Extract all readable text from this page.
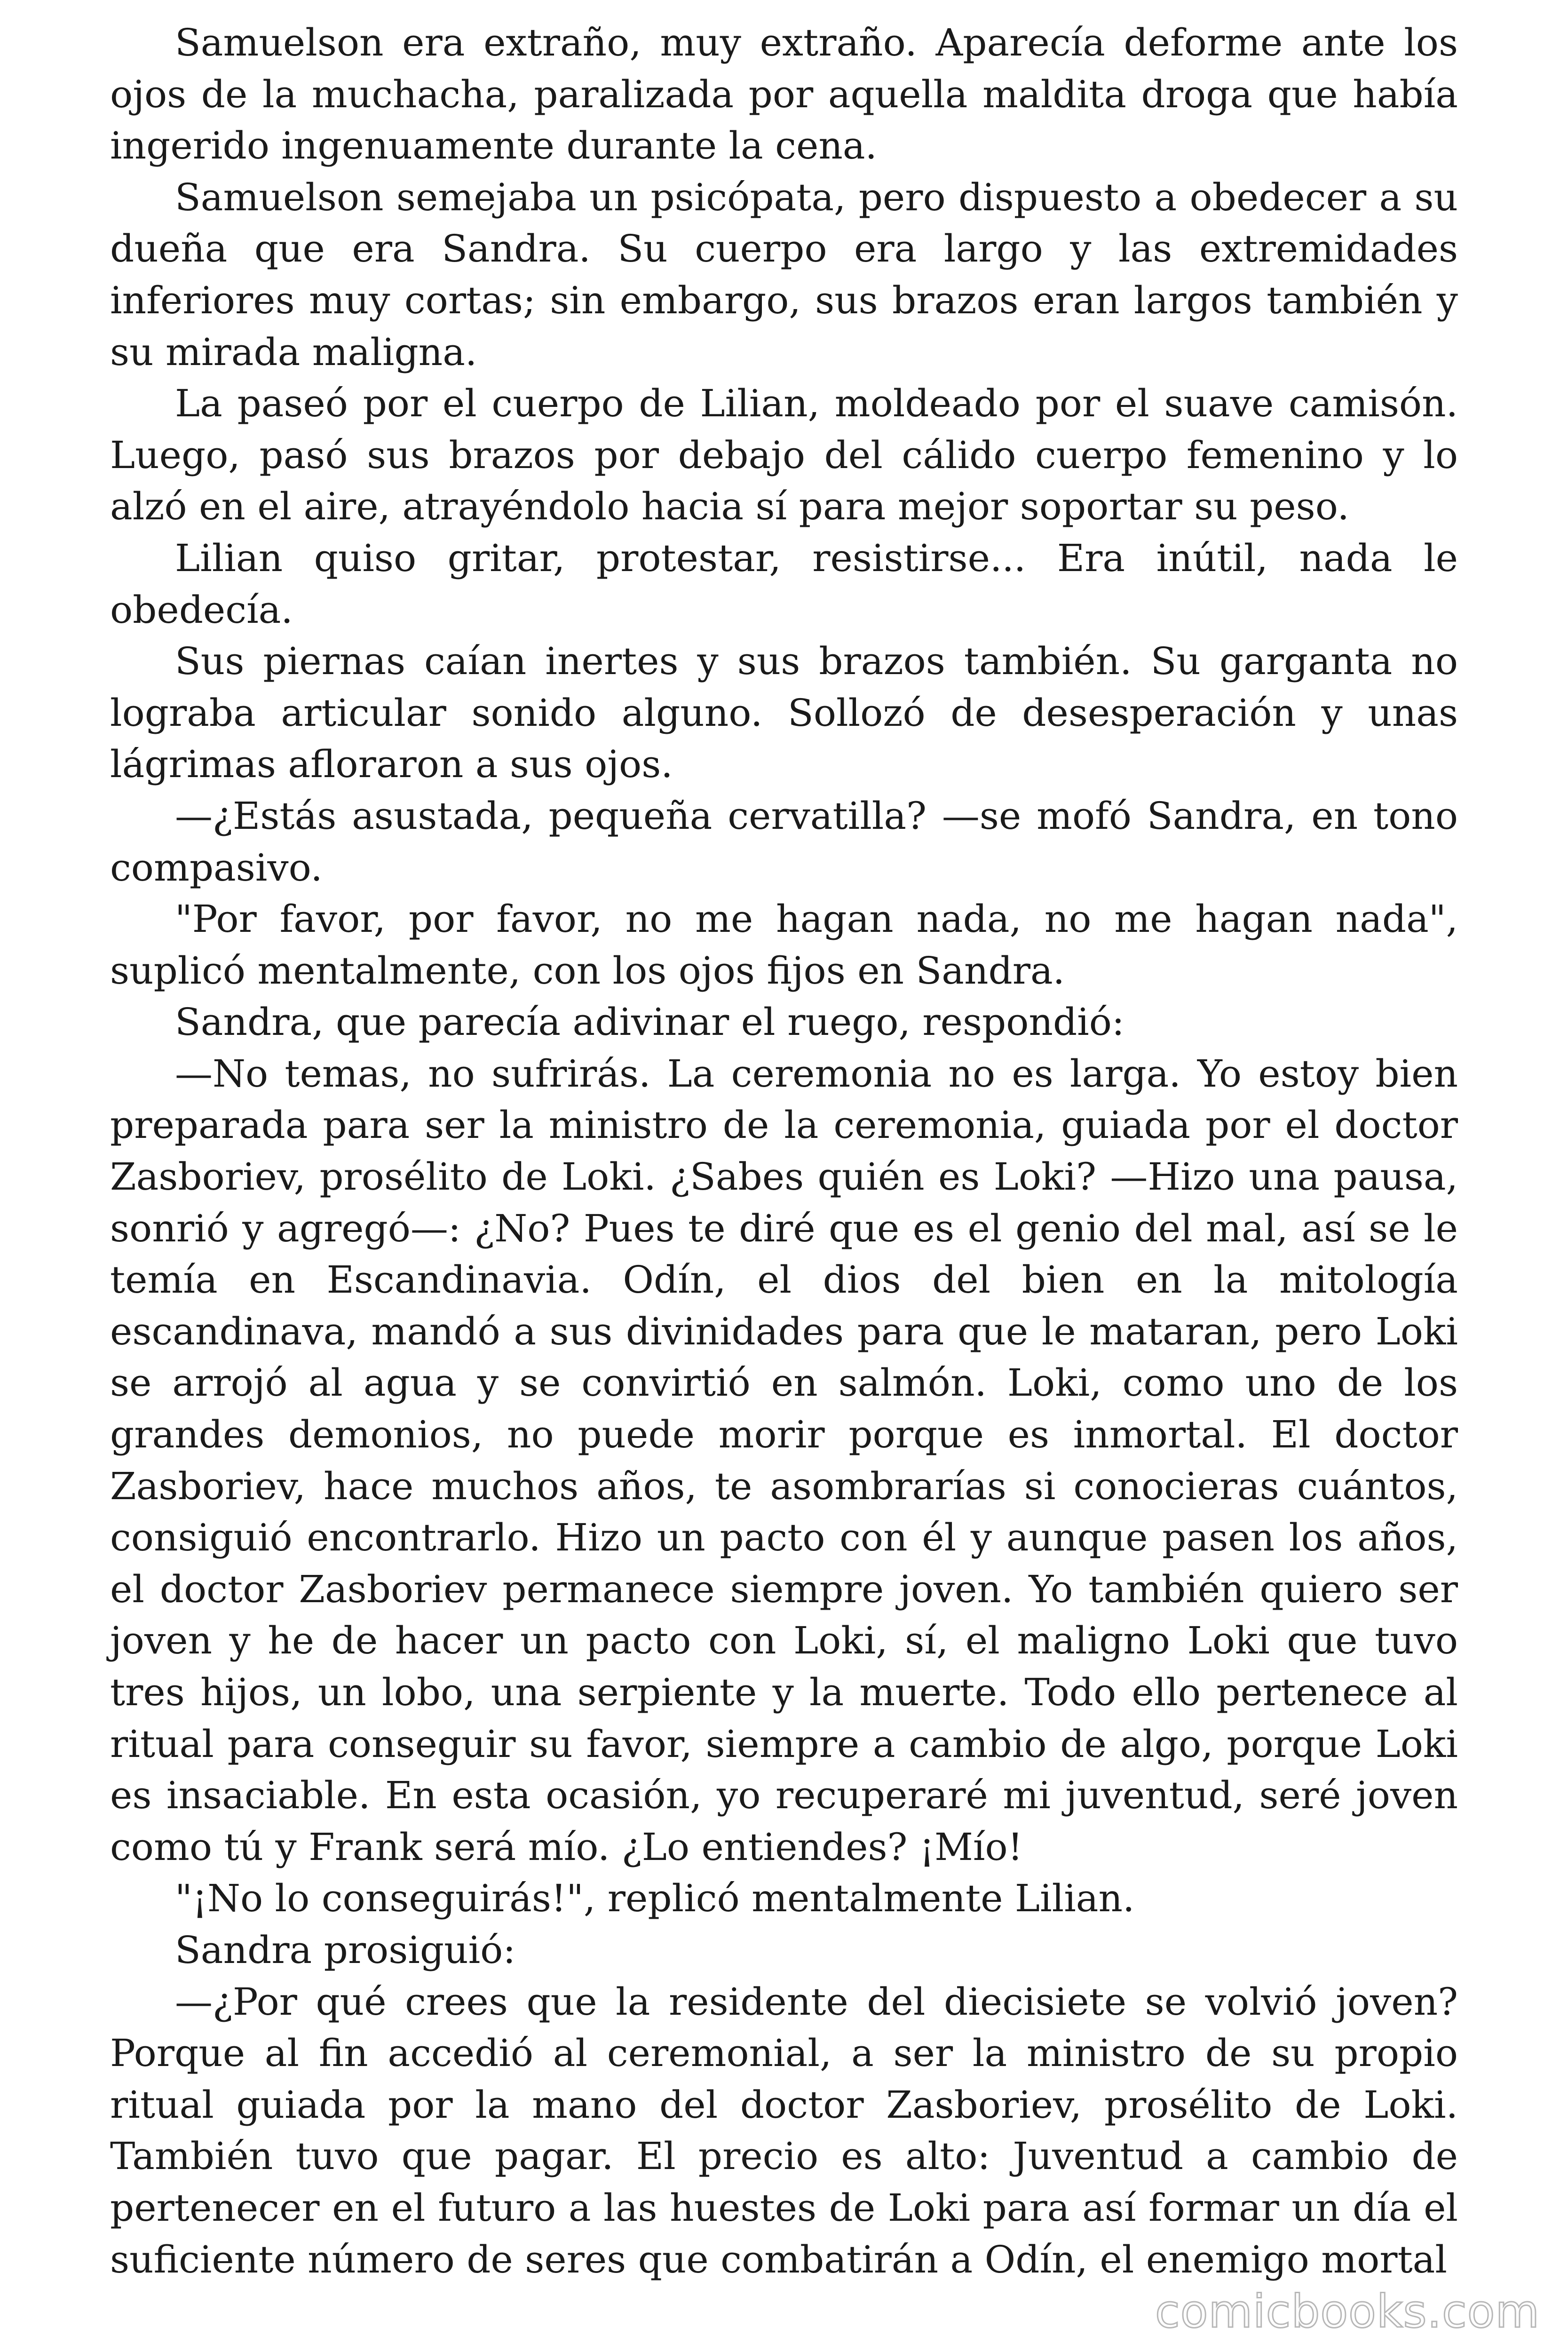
Samuelson era extraño, muy extraño. Aparecía deforme ante los ojos de la muchacha, paralizada por aquella maldita droga que había ingerido ingenuamente durante la cena.

Samuelson semejaba un psicópata, pero dispuesto a obedecer a su dueña que era Sandra. Su cuerpo era largo y las extremidades inferiores muy cortas; sin embargo, sus brazos eran largos también y su mirada maligna.

La paseó por el cuerpo de Lilian, moldeado por el suave camisón. Luego, pasó sus brazos por debajo del cálido cuerpo femenino y lo alzó en el aire, atrayéndolo hacia sí para mejor soportar su peso.

Lilian quiso gritar, protestar, resistirse... Era inútil, nada le obedecía.

Sus piernas caían inertes y sus brazos también. Su garganta no lograba articular sonido alguno. Sollozó de desesperación y unas lágrimas afloraron a sus ojos.

—¿Estás asustada, pequeña cervatilla? —se mofó Sandra, en tono compasivo.

"Por favor, por favor, no me hagan nada, no me hagan nada", suplicó mentalmente, con los ojos fijos en Sandra.

Sandra, que parecía adivinar el ruego, respondió:

—No temas, no sufrirás. La ceremonia no es larga. Yo estoy bien preparada para ser la ministro de la ceremonia, guiada por el doctor Zasboriev, prosélito de Loki. ¿Sabes quién es Loki? —Hizo una pausa, sonrió y agregó—: ¿No? Pues te diré que es el genio del mal, así se le temía en Escandinavia. Odín, el dios del bien en la mitología escandinava, mandó a sus divinidades para que le mataran, pero Loki se arrojó al agua y se convirtió en salmón. Loki, como uno de los grandes demonios, no puede morir porque es inmortal. El doctor Zasboriev, hace muchos años, te asombrarías si conocieras cuántos, consiguió encontrarlo. Hizo un pacto con él y aunque pasen los años, el doctor Zasboriev permanece siempre joven. Yo también quiero ser joven y he de hacer un pacto con Loki, sí, el maligno Loki que tuvo tres hijos, un lobo, una serpiente y la muerte. Todo ello pertenece al ritual para conseguir su favor, siempre a cambio de algo, porque Loki es insaciable. En esta ocasión, yo recuperaré mi juventud, seré joven como tú y Frank será mío. ¿Lo entiendes? ¡Mío!

"¡No lo conseguirás!", replicó mentalmente Lilian.

Sandra prosiguió:

—¿Por qué crees que la residente del diecisiete se volvió joven? Porque al fin accedió al ceremonial, a ser la ministro de su propio ritual guiada por la mano del doctor Zasboriev, prosélito de Loki. También tuvo que pagar. El precio es alto: Juventud a cambio de pertenecer en el futuro a las huestes de Loki para así formar un día el suficiente número de seres que combatirán a Odín, el enemigo mortal

comicbooks.com
